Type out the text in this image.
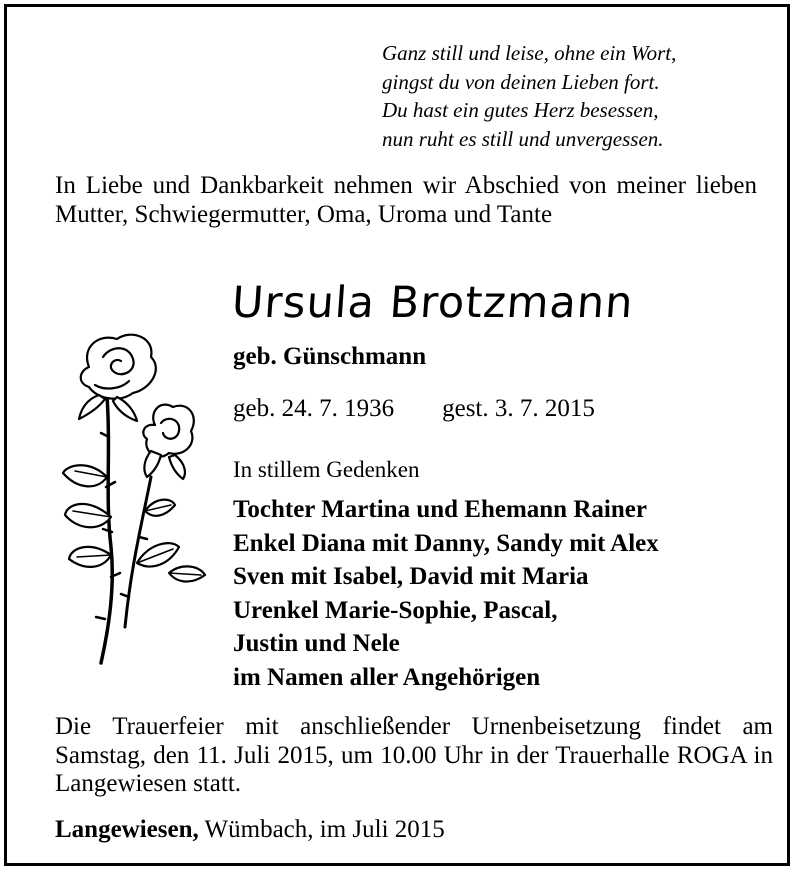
Ganz still und leise, ohne ein Wort,
gingst du von deinen Lieben fort.
Du hast ein gutes Herz besessen,
nun ruht es still und unvergessen.
In Liebe und Dankbarkeit nehmen wir Abschied von meiner lieben Mutter, Schwiegermutter, Oma, Uroma und Tante
Ursula Brotzmann
geb. Günschmann
geb. 24. 7. 1936 gest. 3. 7. 2015
In stillem Gedenken
Tochter Martina und Ehemann Rainer
Enkel Diana mit Danny, Sandy mit Alex
Sven mit Isabel, David mit Maria
Urenkel Marie-Sophie, Pascal,
Justin und Nele
im Namen aller Angehörigen
Die Trauerfeier mit anschließender Urnenbeisetzung findet am Samstag, den 11. Juli 2015, um 10.00 Uhr in der Trauerhalle ROGA in Langewiesen statt.
Langewiesen, Wümbach, im Juli 2015
